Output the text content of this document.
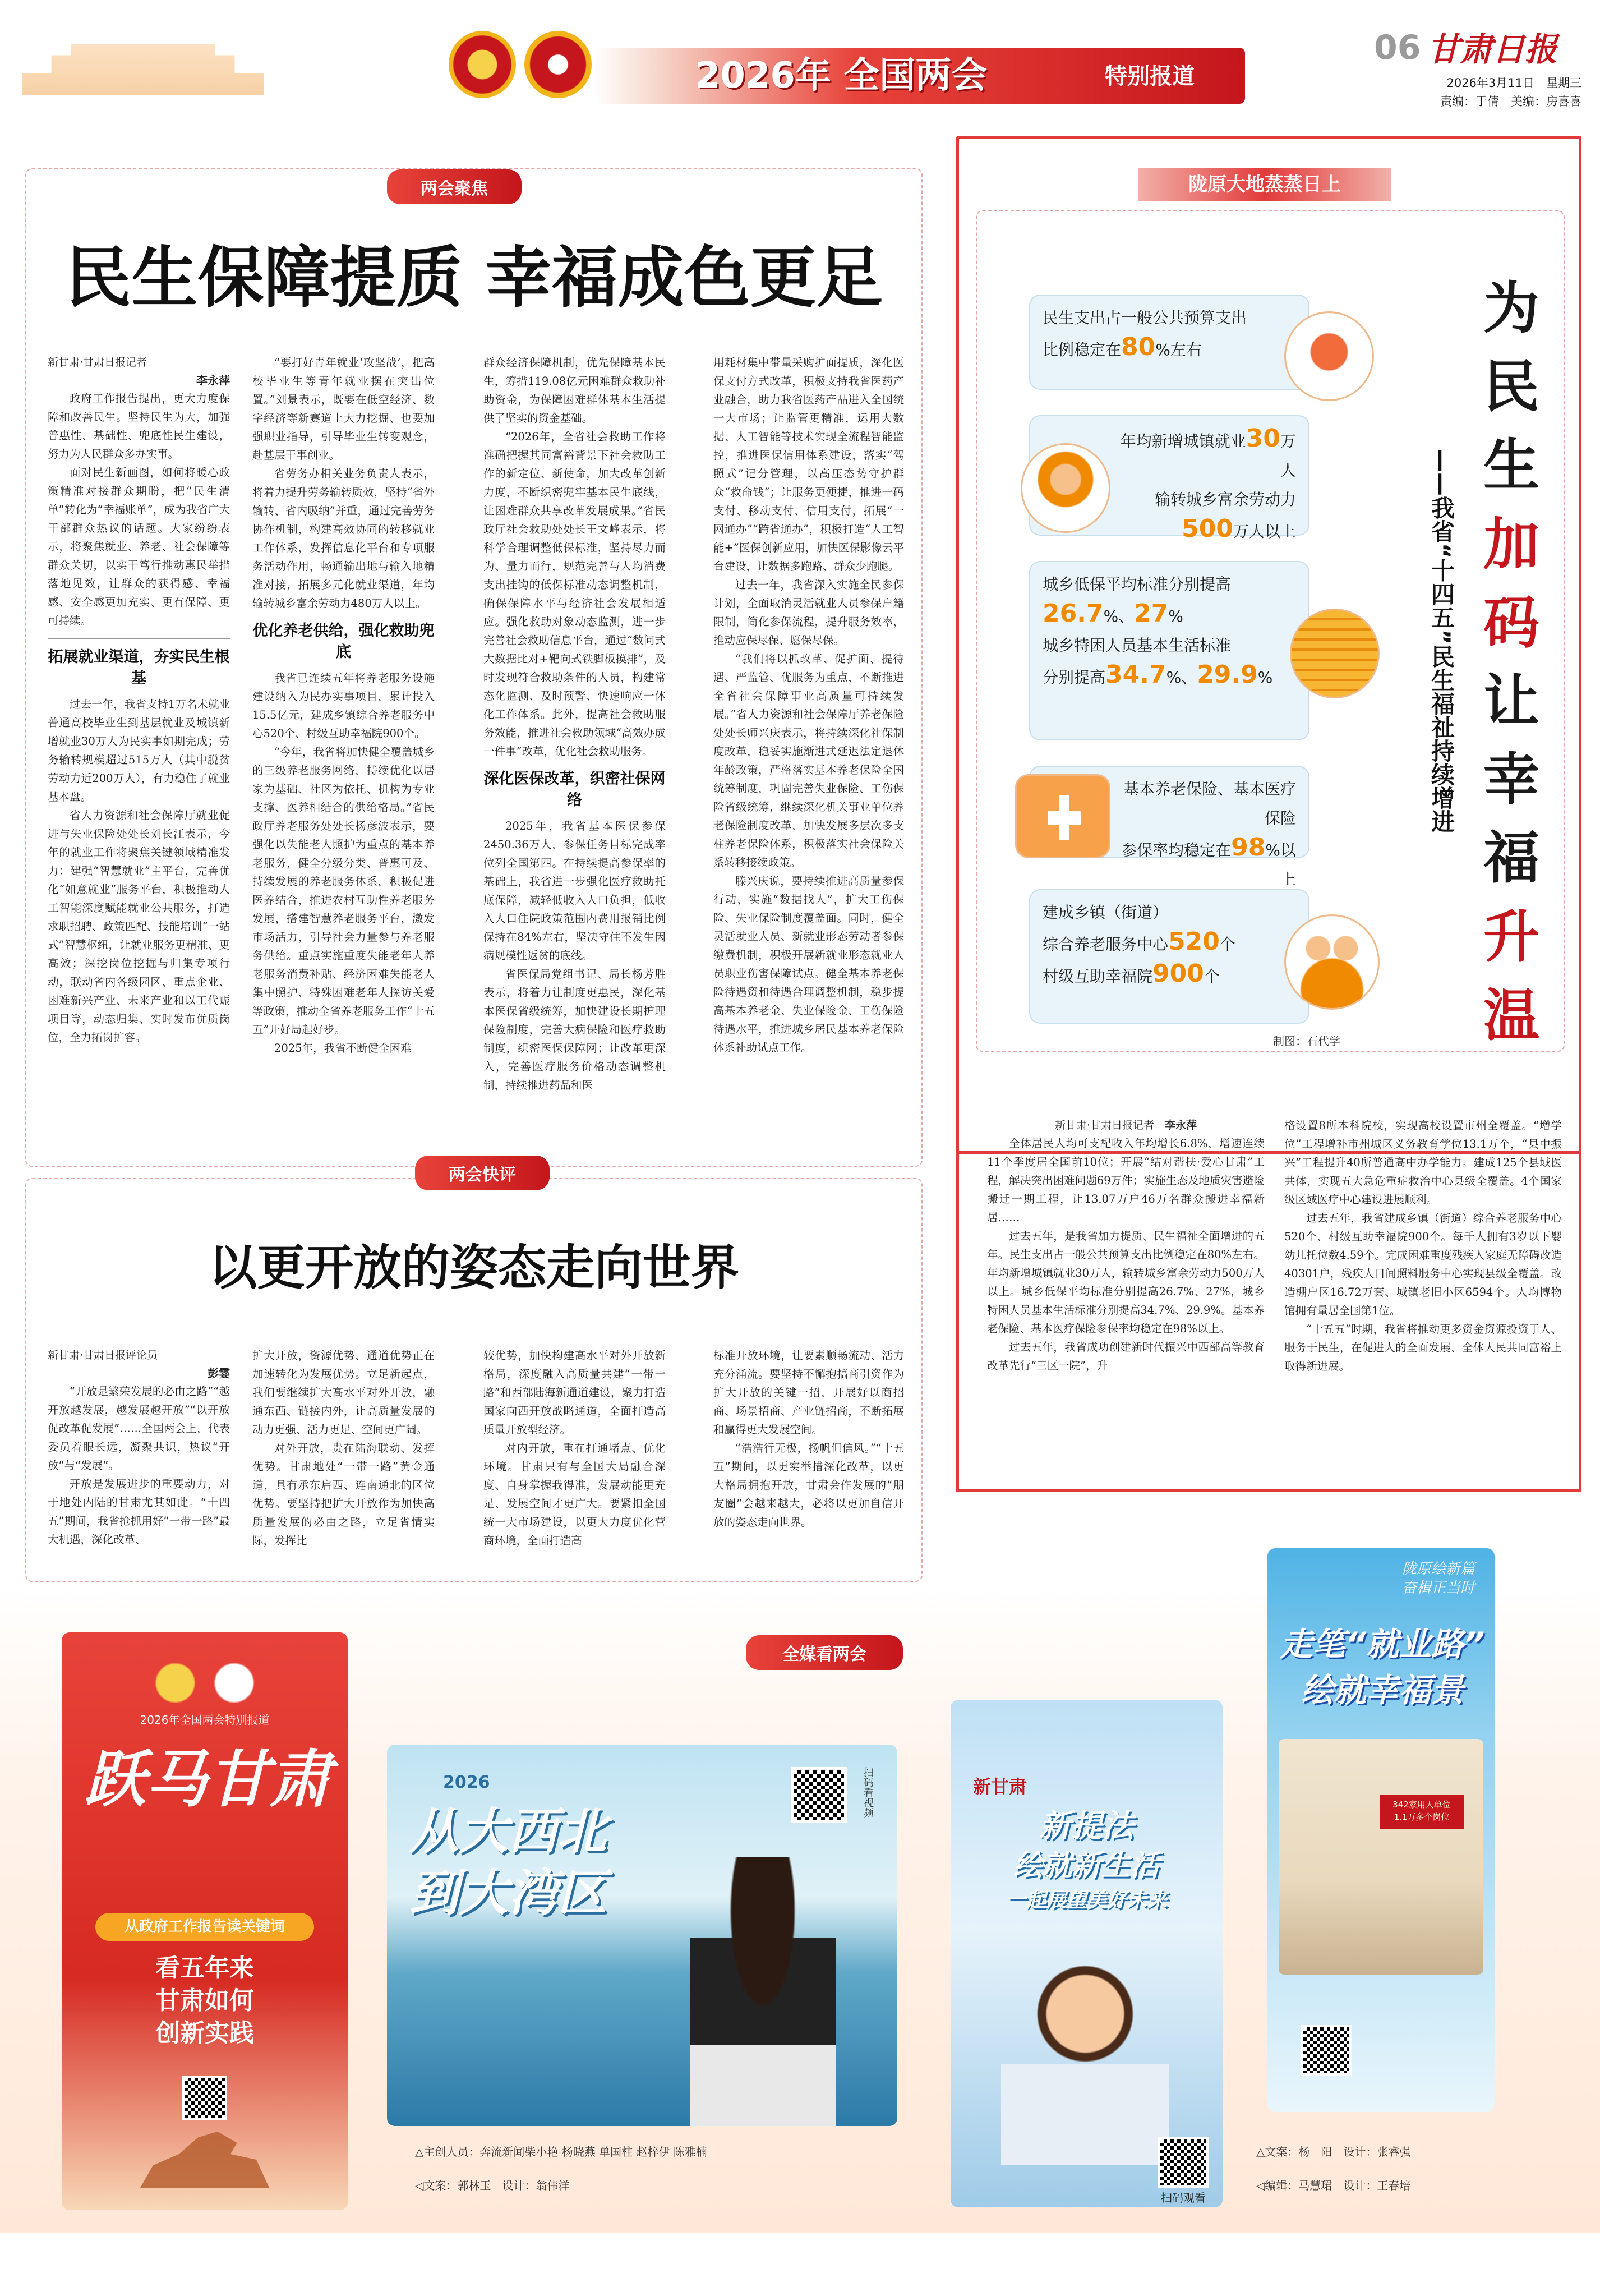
2026年 全国两会	特别报道
06 甘肃日报
2026年3月11日　星期三
责编：于倩　美编：房喜喜
两会聚焦
民生保障提质 幸福成色更足
新甘肃·甘肃日报记者
李永萍

政府工作报告提出，更大力度保障和改善民生。坚持民生为大，加强普惠性、基础性、兜底性民生建设，努力为人民群众多办实事。

面对民生新画图，如何将暖心政策精准对接群众期盼，把“民生清单”转化为“幸福账单”，成为我省广大干部群众热议的话题。大家纷纷表示，将聚焦就业、养老、社会保障等群众关切，以实干笃行推动惠民举措落地见效，让群众的获得感、幸福感、安全感更加充实、更有保障、更可持续。

拓展就业渠道，夯实民生根基

过去一年，我省支持1万名未就业普通高校毕业生到基层就业及城镇新增就业30万人为民实事如期完成；劳务输转规模超过515万人（其中脱贫劳动力近200万人），有力稳住了就业基本盘。

省人力资源和社会保障厅就业促进与失业保险处处长刘长江表示，今年的就业工作将聚焦关键领域精准发力：建强“智慧就业”主平台，完善优化“如意就业”服务平台，积极推动人工智能深度赋能就业公共服务，打造求职招聘、政策匹配、技能培训“一站式”智慧枢纽，让就业服务更精准、更高效；深挖岗位挖掘与归集专项行动，联动省内各级园区、重点企业、困难新兴产业、未来产业和以工代赈项目等，动态归集、实时发布优质岗位，全力拓岗扩容。

“要打好青年就业‘攻坚战’，把高校毕业生等青年就业摆在突出位置。”刘景表示，既要在低空经济、数字经济等新赛道上大力挖掘、也要加强职业指导，引导毕业生转变观念，赴基层干事创业。

省劳务办相关业务负责人表示，将着力提升劳务输转质效，坚持“省外输转、省内吸纳”并重，通过完善劳务协作机制，构建高效协同的转移就业工作体系，发挥信息化平台和专项服务活动作用，畅通输出地与输入地精准对接，拓展多元化就业渠道，年均输转城乡富余劳动力480万人以上。

优化养老供给，强化救助兜底

我省已连续五年将养老服务设施建设纳入为民办实事项目，累计投入15.5亿元，建成乡镇综合养老服务中心520个、村级互助幸福院900个。

“今年，我省将加快健全覆盖城乡的三级养老服务网络，持续优化以居家为基础、社区为依托、机构为专业支撑、医养相结合的供给格局。”省民政厅养老服务处处长杨彦波表示，要强化以失能老人照护为重点的基本养老服务，健全分级分类、普惠可及、持续发展的养老服务体系，积极促进医养结合，推进农村互助性养老服务发展，搭建智慧养老服务平台，激发市场活力，引导社会力量参与养老服务供给。重点实施重度失能老年人养老服务消费补贴、经济困难失能老人集中照护、特殊困难老年人探访关爱等政策，推动全省养老服务工作“十五五”开好局起好步。

2025年，我省不断健全困难

群众经济保障机制，优先保障基本民生，筹措119.08亿元困难群众救助补助资金，为保障困难群体基本生活提供了坚实的资金基础。

“2026年，全省社会救助工作将准确把握其同富裕背景下社会救助工作的新定位、新使命，加大改革创新力度，不断织密兜牢基本民生底线，让困难群众共享改革发展成果。”省民政厅社会救助处处长王文峰表示，将科学合理调整低保标准，坚持尽力而为、量力而行，规范完善与人均消费支出挂钩的低保标准动态调整机制，确保保障水平与经济社会发展相适应。强化救助对象动态监测，进一步完善社会救助信息平台，通过“数问式大数据比对+靶向式铁脚板摸排”，及时发现符合救助条件的人员，构建常态化监测、及时预警、快速响应一体化工作体系。此外，提高社会救助服务效能，推进社会救助领域“高效办成一件事”改革，优化社会救助服务。

深化医保改革，织密社保网络

2025年，我省基本医保参保2450.36万人，参保任务目标完成率位列全国第四。在持续提高参保率的基础上，我省进一步强化医疗救助托底保障，减轻低收入人口负担，低收入人口住院政策范围内费用报销比例保持在84%左右，坚决守住不发生因病规模性返贫的底线。

省医保局党组书记、局长杨芳胜表示，将着力让制度更惠民，深化基本医保省级统筹，加快建设长期护理保险制度，完善大病保险和医疗救助制度，织密医保保障网；让改革更深入，完善医疗服务价格动态调整机制，持续推进药品和医

用耗材集中带量采购扩面提质，深化医保支付方式改革，积极支持我省医药产业融合，助力我省医药产品进入全国统一大市场；让监管更精准，运用大数据、人工智能等技术实现全流程智能监控，推进医保信用体系建设，落实“驾照式”记分管理，以高压态势守护群众“救命钱”；让服务更便捷，推进一码支付、移动支付、信用支付，拓展“一网通办”“跨省通办”，积极打造“人工智能+”医保创新应用，加快医保影像云平台建设，让数据多跑路、群众少跑腿。

过去一年，我省深入实施全民参保计划，全面取消灵活就业人员参保户籍限制，简化参保流程，提升服务效率，推动应保尽保、愿保尽保。

“我们将以抓改革、促扩面、提待遇、严监管、优服务为重点，不断推进全省社会保障事业高质量可持续发展。”省人力资源和社会保障厅养老保险处处长师兴庆表示，将持续深化社保制度改革，稳妥实施渐进式延迟法定退休年龄政策，严格落实基本养老保险全国统筹制度，巩固完善失业保险、工伤保险省级统筹，继续深化机关事业单位养老保险制度改革，加快发展多层次多支柱养老保险体系，积极落实社会保险关系转移接续政策。

滕兴庆说，要持续推进高质量参保行动，实施“数据找人”，扩大工伤保险、失业保险制度覆盖面。同时，健全灵活就业人员、新就业形态劳动者参保缴费机制，积极开展新就业形态就业人员职业伤害保障试点。健全基本养老保险待遇资和待遇合理调整机制，稳步提高基本养老金、失业保险金、工伤保险待遇水平，推进城乡居民基本养老保险体系补助试点工作。

两会快评
以更开放的姿态走向世界
新甘肃·甘肃日报评论员
彭霎

“开放是繁荣发展的必由之路”“越开放越发展，越发展越开放”“以开放促改革促发展”……全国两会上，代表委员着眼长远，凝聚共识，热议“开放”与“发展”。

开放是发展进步的重要动力，对于地处内陆的甘肃尤其如此。“十四五”期间，我省抢抓用好“一带一路”最大机遇，深化改革、

扩大开放，资源优势、通道优势正在加速转化为发展优势。立足新起点，我们要继续扩大高水平对外开放，融通东西、链接内外，让高质量发展的动力更强、活力更足、空间更广阔。

对外开放，贵在陆海联动、发挥优势。甘肃地处“一带一路”黄金通道，具有承东启西、连南通北的区位优势。要坚持把扩大开放作为加快高质量发展的必由之路，立足省情实际，发挥比

较优势，加快构建高水平对外开放新格局，深度融入高质量共建“一带一路”和西部陆海新通道建设，聚力打造国家向西开放战略通道，全面打造高质量开放型经济。

对内开放，重在打通堵点、优化环境。甘肃只有与全国大局融合深度、自身掌握我得准，发展动能更充足、发展空间才更广大。要紧扣全国统一大市场建设，以更大力度优化营商环境，全面打造高

标准开放环境，让要素顺畅流动、活力充分涌流。要坚持不懈抱搞商引资作为扩大开放的关键一招，开展好以商招商、场景招商、产业链招商，不断拓展和赢得更大发展空间。

“浩浩行无极，扬帆但信风。”“十五五”期间，以更实举措深化改革，以更大格局拥抱开放，甘肃会作发展的“朋友圈”会越来越大，必将以更加自信开放的姿态走向世界。

陇原大地蒸蒸日上
民生支出占一般公共预算支出
比例稳定在80%左右
年均新增城镇就业30万人
输转城乡富余劳动力
500万人以上
城乡低保平均标准分别提高
26.7%、27%
城乡特困人员基本生活标准
分别提高34.7%、29.9%
基本养老保险、基本医疗保险
参保率均稳定在98%以上
建成乡镇（街道）
综合养老服务中心520个
村级互助幸福院900个
制图：石代学
为
民
生
加
码
让
幸
福
升
温
——我省“十四五”民生福祉持续增进
新甘肃·甘肃日报记者　 李永萍

全体居民人均可支配收入年均增长6.8%，增速连续11个季度居全国前10位；开展“结对帮扶·爱心甘肃”工程，解决突出困难问题69万件；实施生态及地质灾害避险搬迁一期工程，让13.07万户46万名群众搬进幸福新居……

过去五年，是我省加力提质、民生福祉全面增进的五年。民生支出占一般公共预算支出比例稳定在80%左右。年均新增城镇就业30万人，输转城乡富余劳动力500万人以上。城乡低保平均标准分别提高26.7%、27%，城乡特困人员基本生活标准分别提高34.7%、29.9%。基本养老保险、基本医疗保险参保率均稳定在98%以上。

过去五年，我省成功创建新时代振兴中西部高等教育改革先行“三区一院”，升

格设置8所本科院校，实现高校设置市州全覆盖。“增学位”工程增补市州城区义务教育学位13.1万个，“县中振兴”工程提升40所普通高中办学能力。建成125个县域医共体，实现五大急危重症救治中心县级全覆盖。4个国家级区域医疗中心建设进展顺利。

过去五年，我省建成乡镇（街道）综合养老服务中心520个、村级互助幸福院900个。每千人拥有3岁以下婴幼儿托位数4.59个。完成困难重度残疾人家庭无障碍改造40301户，残疾人日间照料服务中心实现县级全覆盖。改造棚户区16.72万套、城镇老旧小区6594个。人均博物馆拥有量居全国第1位。

“十五五”时期，我省将推动更多资金资源投资于人、服务于民生，在促进人的全面发展、全体人民共同富裕上取得新进展。

全媒看两会
2026年全国两会特别报道
跃马甘肃
从政府工作报告读关键词
看五年来
甘肃如何
创新实践
从大西北
到大湾区
2026	扫码看视频
△主创人员：奔流新闻柴小艳 杨晓燕 单国柱 赵梓伊 陈雅楠
◁文案：郭林玉　设计：翁伟洋
新甘肃
新提法
绘就新生活
一起展望美好未来
扫码观看
陇原绘新篇 奋楫正当时
走笔“就业路”
绘就幸福景
342家用人单位
1.1万多个岗位
△文案：杨　阳　设计：张睿强
◁编辑：马慧珺　设计：王春培
